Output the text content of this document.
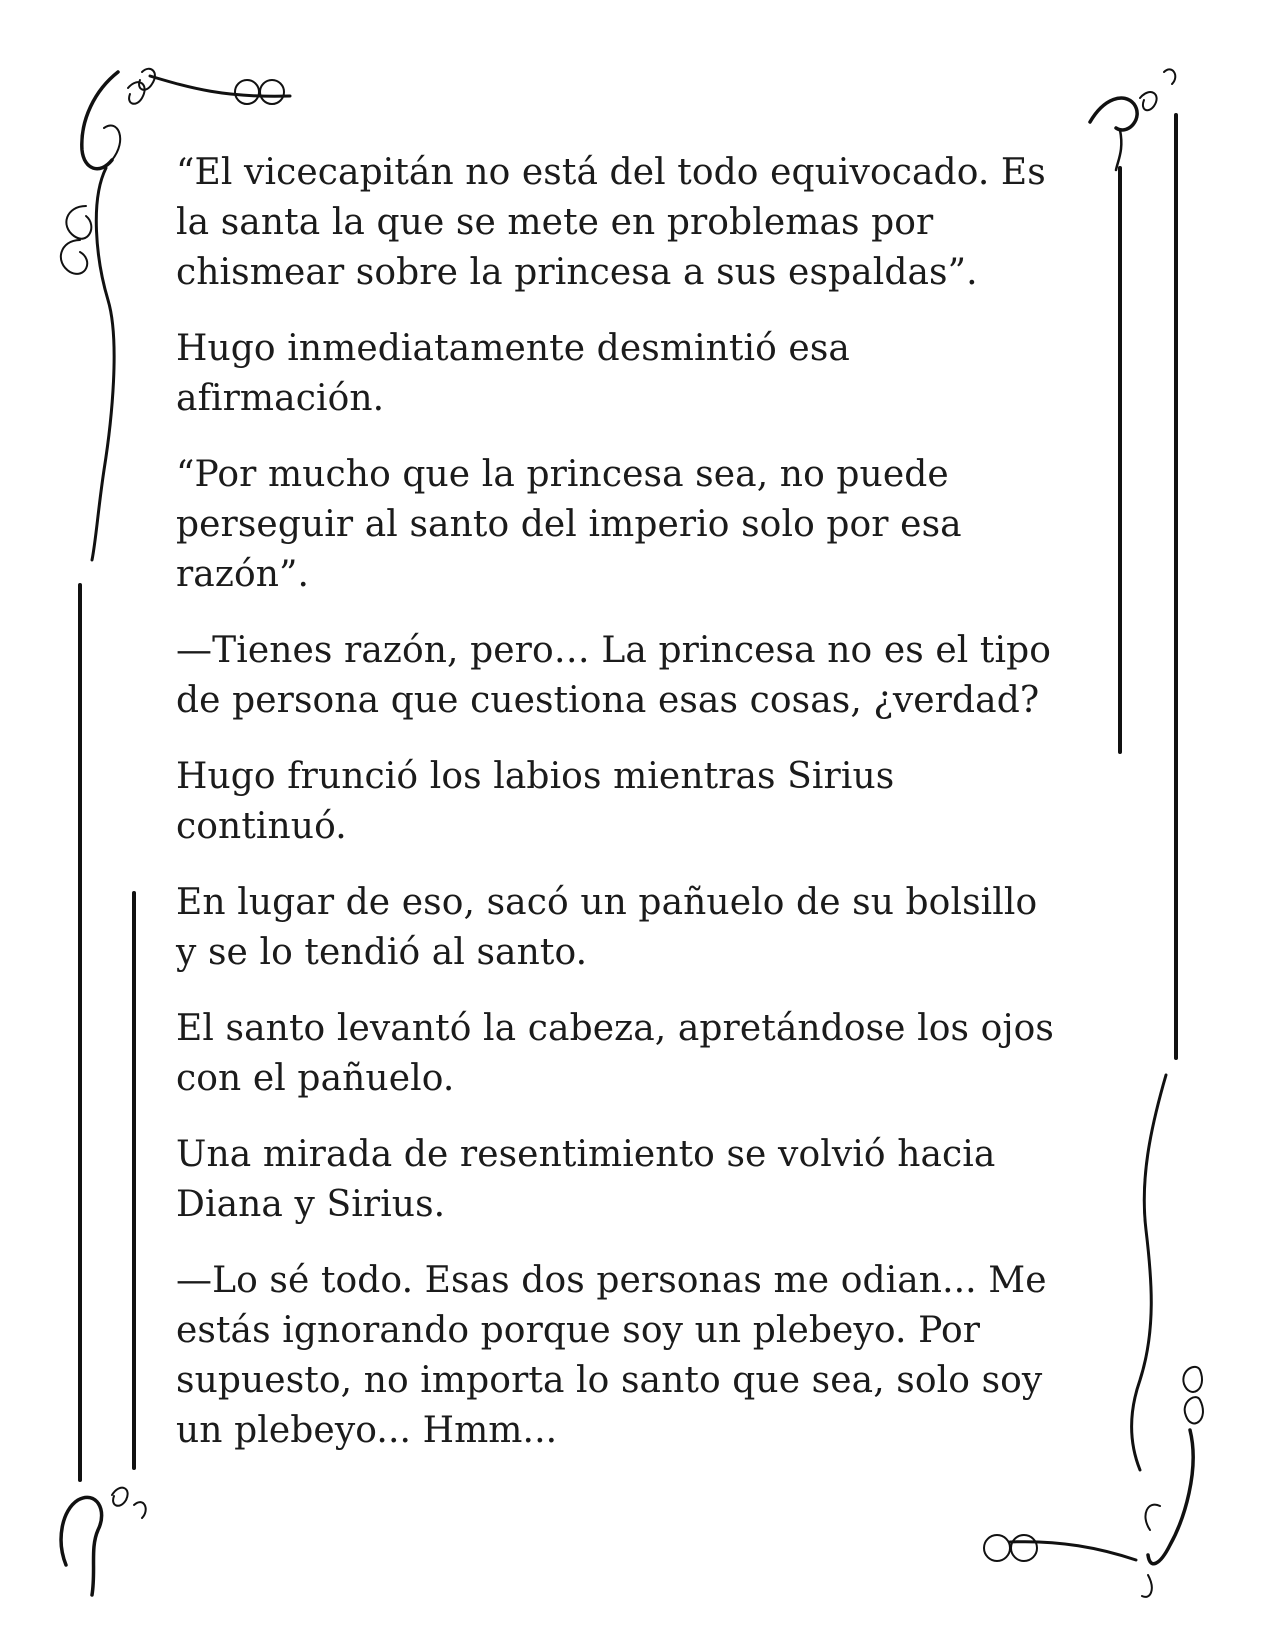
“El vicecapitán no está del todo equivocado. Es
la santa la que se mete en problemas por
chismear sobre la princesa a sus espaldas”.

Hugo inmediatamente desmintió esa
afirmación.

“Por mucho que la princesa sea, no puede
perseguir al santo del imperio solo por esa
razón”.

—Tienes razón, pero… La princesa no es el tipo
de persona que cuestiona esas cosas, ¿verdad?

Hugo frunció los labios mientras Sirius
continuó.

En lugar de eso, sacó un pañuelo de su bolsillo
y se lo tendió al santo.

El santo levantó la cabeza, apretándose los ojos
con el pañuelo.

Una mirada de resentimiento se volvió hacia
Diana y Sirius.

—Lo sé todo. Esas dos personas me odian... Me
estás ignorando porque soy un plebeyo. Por
supuesto, no importa lo santo que sea, solo soy
un plebeyo... Hmm...
